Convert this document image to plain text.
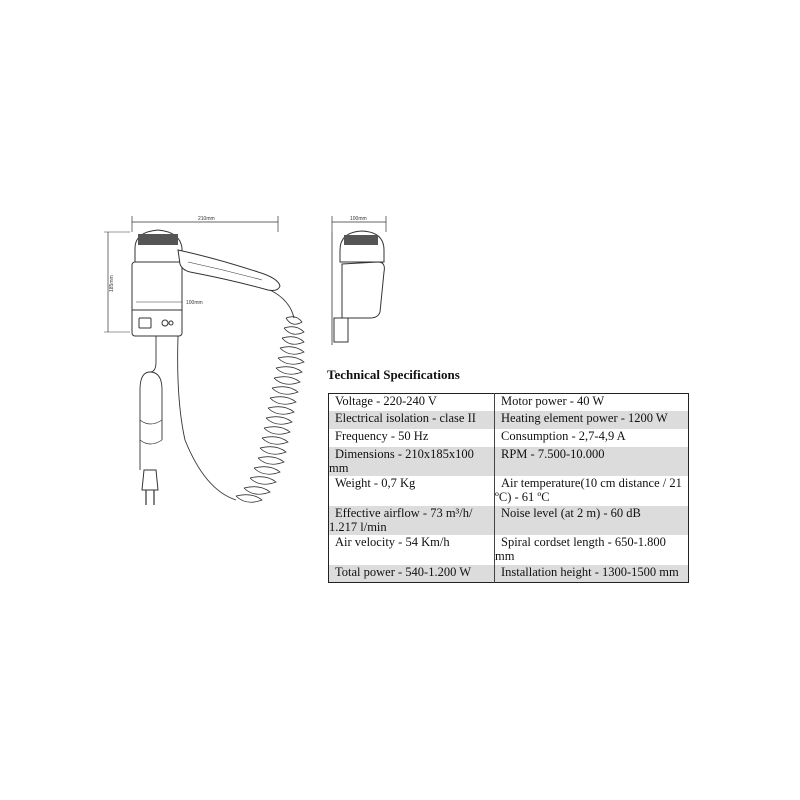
210mm
185mm
100mm
100mm
Technical Specifications
Voltage - 220-240 V	Motor power - 40 W
Electrical isolation - clase II	Heating element power - 1200 W
Frequency - 50 Hz	Consumption - 2,7-4,9 A
Dimensions - 210x185x100 mm	RPM - 7.500-10.000
Weight - 0,7 Kg	Air temperature(10 cm distance / 21 ºC) - 61 ºC
Effective airflow - 73 m³/h/ 1.217 l/min	Noise level (at 2 m) - 60 dB
Air velocity - 54 Km/h	Spiral cordset length - 650-1.800 mm
Total power - 540-1.200 W	Installation height - 1300-1500 mm
